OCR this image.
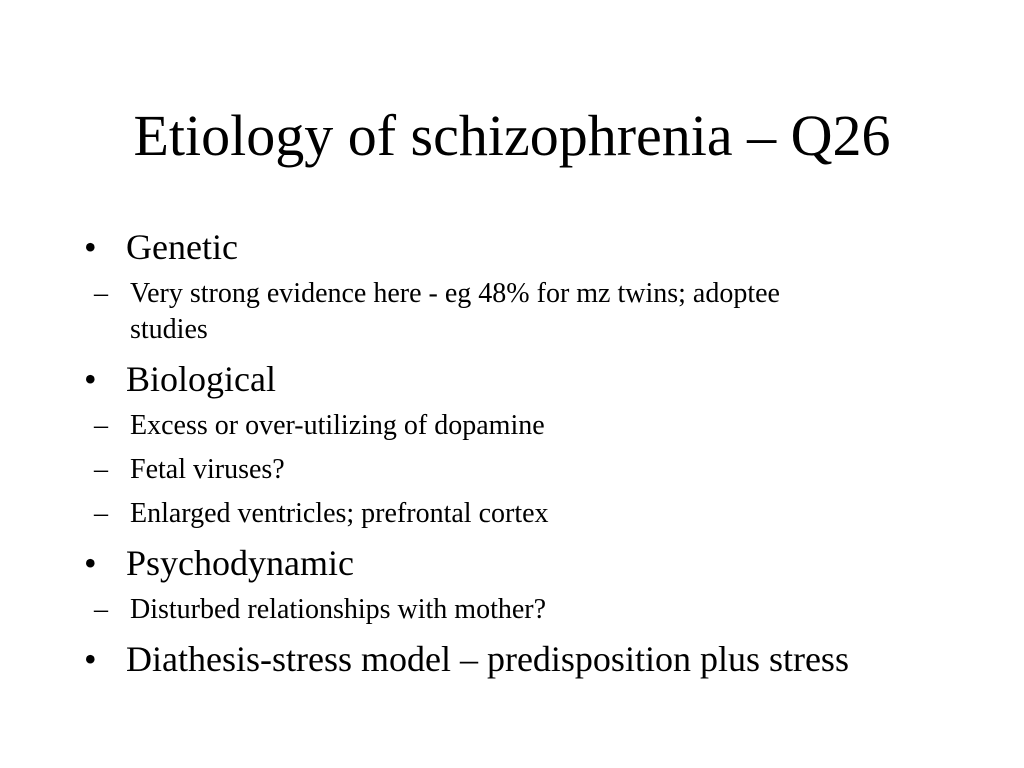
Etiology of schizophrenia – Q26
• Genetic
– Very strong evidence here - eg 48% for mz twins; adoptee studies
• Biological
– Excess or over-utilizing of dopamine
– Fetal viruses?
– Enlarged ventricles; prefrontal cortex
• Psychodynamic
– Disturbed relationships with mother?
• Diathesis-stress model – predisposition plus stress
